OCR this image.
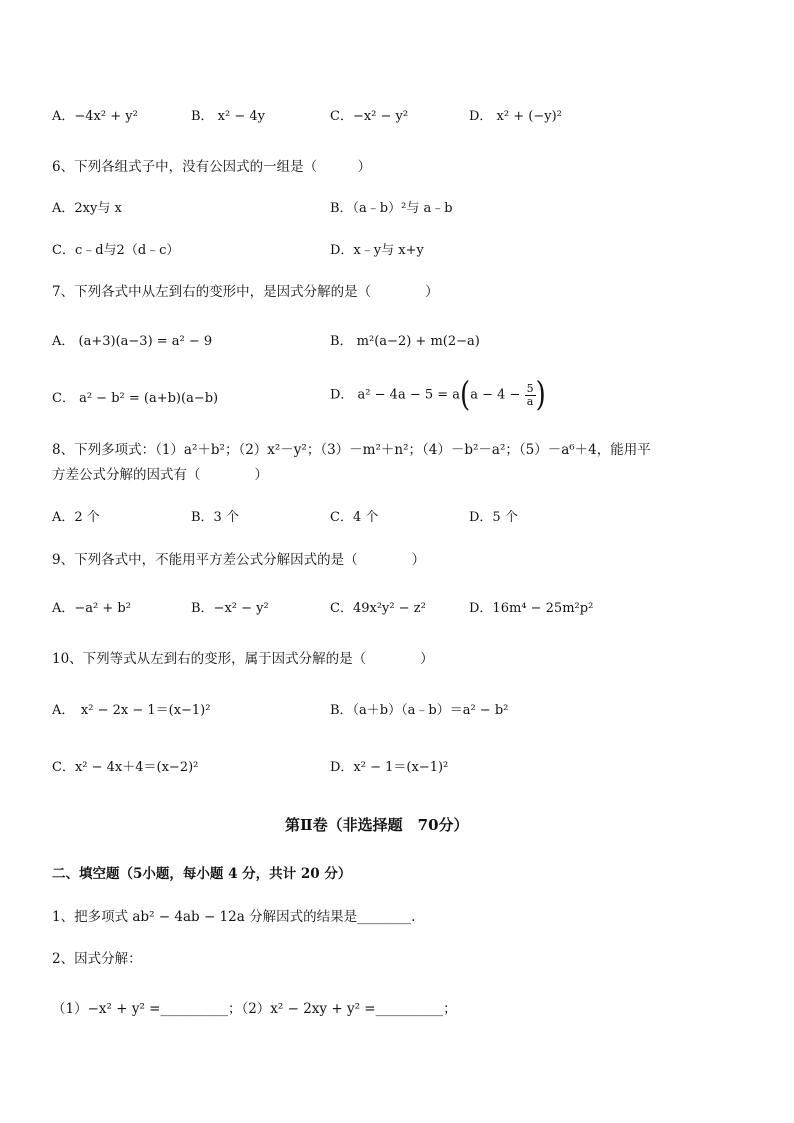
A．−4x² + y²	B． x² − 4y	C．−x² − y²	D． x² + (−y)²
6、下列各组式子中，没有公因式的一组是（　　　）
A．2xy与 x	B．（a﹣b）²与 a﹣b
C．c﹣d与2（d﹣c）	D．x﹣y与 x+y
7、下列各式中从左到右的变形中，是因式分解的是（　　　　）
A． (a+3)(a−3) = a² − 9	B． m²(a−2) + m(2−a)
C． a² − b² = (a+b)(a−b)	D． $a^2 - 4a - 5 = a(a - 4 - \frac{5}{a}$ )
8、下列多项式：（1）a²＋b²；（2）x²－y²；（3）－m²＋n²；（4）－b²－a²；（5）－a⁶＋4，能用平
方差公式分解的因式有（　　　　）
A．2 个	B．3 个	C．4 个	D．5 个
9、下列各式中，不能用平方差公式分解因式的是（　　　　）
A．−a² + b²	B．−x² − y²	C．49x²y² − z²	D．16m⁴ − 25m²p²
10、下列等式从左到右的变形，属于因式分解的是（　　　　）
A．　x² − 2x − 1＝(x−1)²	B．（a＋b）（a﹣b）＝a² − b²
C．x² − 4x＋4＝(x−2)²	D．x² − 1＝(x−1)²
第Ⅱ卷（非选择题　70分）
二、填空题（5小题，每小题 4 分，共计 20 分）
1、把多项式 ab² − 4ab − 12a 分解因式的结果是________.
2、因式分解：
（1）−x² + y² =__________；（2）x² − 2xy + y² =__________；
